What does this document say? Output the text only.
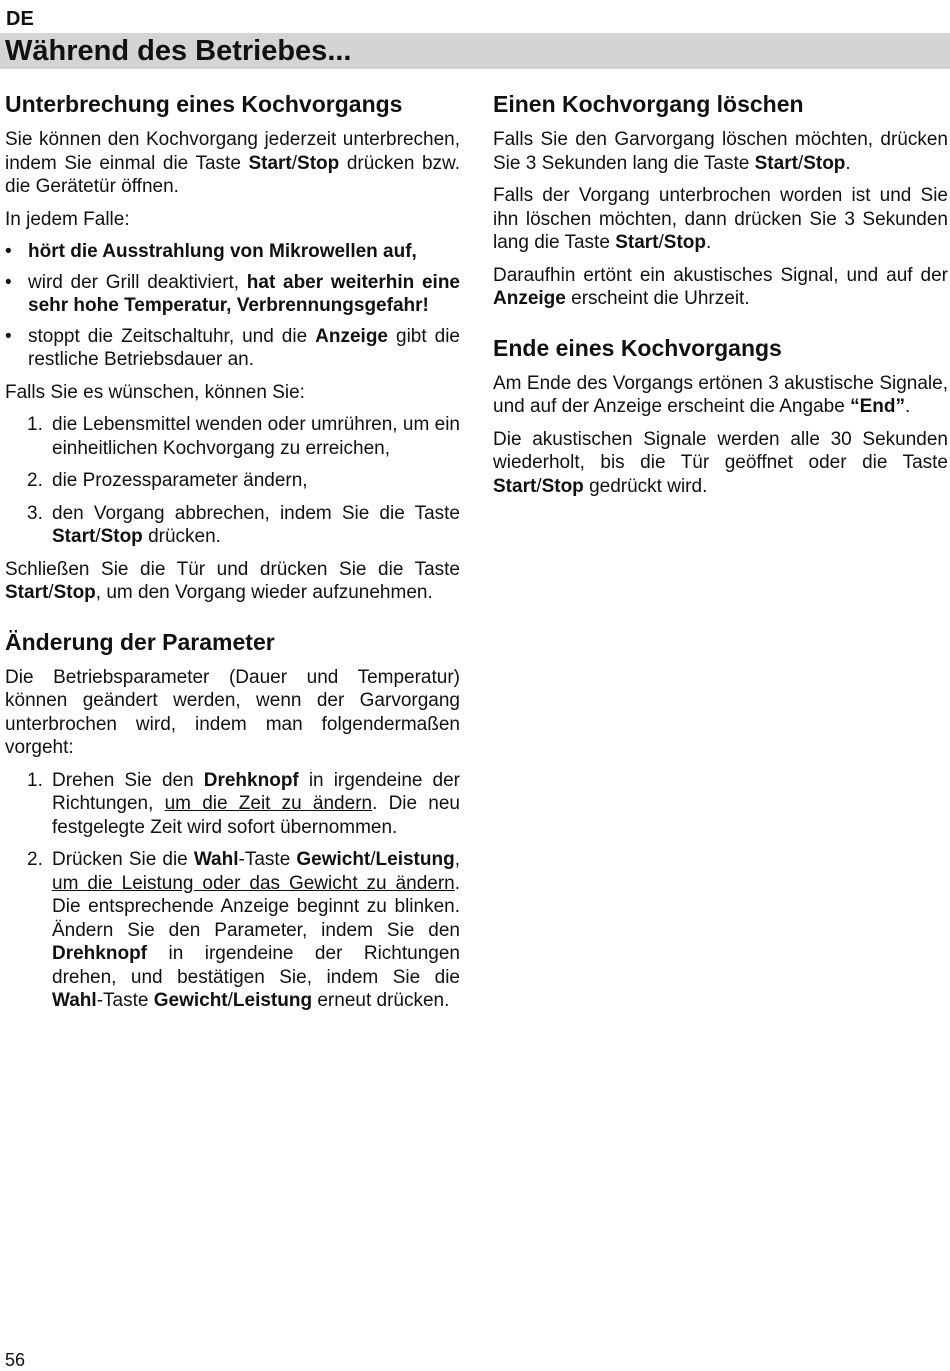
DE
Während des Betriebes...
Unterbrechung eines Kochvorgangs

Sie können den Kochvorgang jederzeit unterbrechen, indem Sie einmal die Taste Start/Stop drücken bzw. die Gerätetür öffnen.

In jedem Falle:

• hört die Ausstrahlung von Mikrowellen auf,
• wird der Grill deaktiviert, hat aber weiterhin eine sehr hohe Temperatur, Verbrennungsgefahr!
• stoppt die Zeitschaltuhr, und die Anzeige gibt die restliche Betriebsdauer an.

Falls Sie es wünschen, können Sie:

1. die Lebensmittel wenden oder umrühren, um ein einheitlichen Kochvorgang zu erreichen,
2. die Prozessparameter ändern,
3. den Vorgang abbrechen, indem Sie die Taste Start/Stop drücken.

Schließen Sie die Tür und drücken Sie die Taste Start/Stop, um den Vorgang wieder aufzunehmen.

Änderung der Parameter

Die Betriebsparameter (Dauer und Temperatur) können geändert werden, wenn der Garvorgang unterbrochen wird, indem man folgendermaßen vorgeht:

1. Drehen Sie den Drehknopf in irgendeine der Richtungen, um die Zeit zu ändern. Die neu festgelegte Zeit wird sofort übernommen.
2. Drücken Sie die Wahl-Taste Gewicht/Leistung, um die Leistung oder das Gewicht zu ändern. Die entsprechende Anzeige beginnt zu blinken. Ändern Sie den Parameter, indem Sie den Drehknopf in irgendeine der Richtungen drehen, und bestätigen Sie, indem Sie die Wahl-Taste Gewicht/Leistung erneut drücken.
Einen Kochvorgang löschen

Falls Sie den Garvorgang löschen möchten, drücken Sie 3 Sekunden lang die Taste Start/Stop.

Falls der Vorgang unterbrochen worden ist und Sie ihn löschen möchten, dann drücken Sie 3 Sekunden lang die Taste Start/Stop.

Daraufhin ertönt ein akustisches Signal, und auf der Anzeige erscheint die Uhrzeit.

Ende eines Kochvorgangs

Am Ende des Vorgangs ertönen 3 akustische Signale, und auf der Anzeige erscheint die Angabe “End”.

Die akustischen Signale werden alle 30 Sekunden wiederholt, bis die Tür geöffnet oder die Taste Start/Stop gedrückt wird.

56
